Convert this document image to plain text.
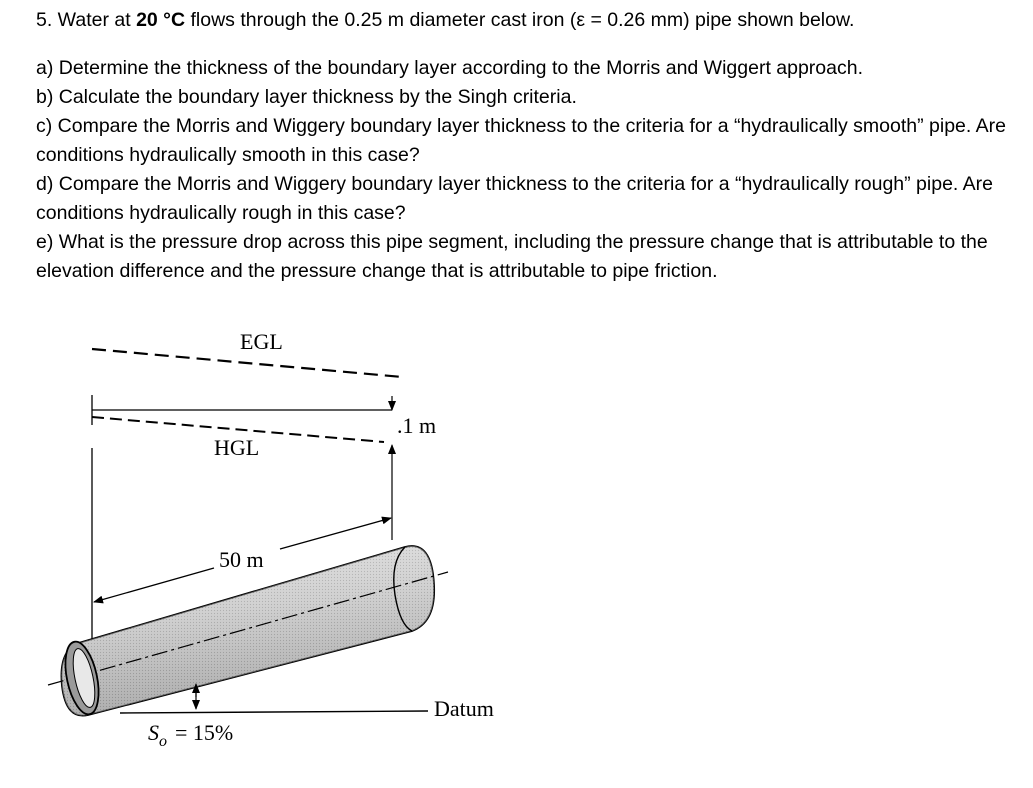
5. Water at 20 °C flows through the 0.25 m diameter cast iron (ε = 0.26 mm) pipe shown below.

a) Determine the thickness of the boundary layer according to the Morris and Wiggert approach.

b) Calculate the boundary layer thickness by the Singh criteria.

c) Compare the Morris and Wiggery boundary layer thickness to the criteria for a “hydraulically smooth” pipe. Are conditions hydraulically smooth in this case?

d) Compare the Morris and Wiggery boundary layer thickness to the criteria for a “hydraulically rough” pipe. Are conditions hydraulically rough in this case?

e) What is the pressure drop across this pipe segment, including the pressure change that is attributable to the elevation difference and the pressure change that is attributable to pipe friction.

EGL
HGL
.1 m
50 m
Datum
$S_o = 15\%$
